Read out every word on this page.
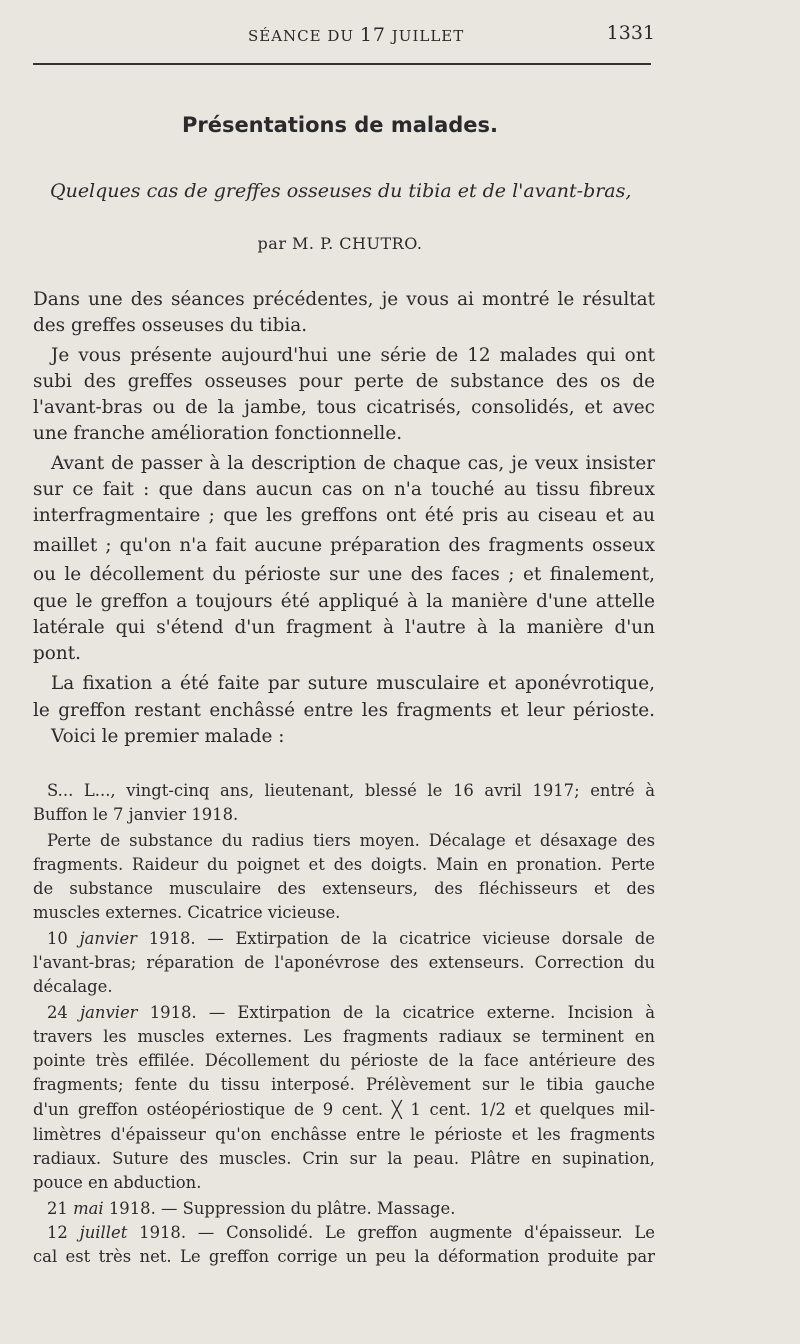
SÉANCE DU 17 JUILLET	1331
Présentations de malades.
Quelques cas de greffes osseuses du tibia et de l'avant-bras,
par M. P. CHUTRO.
Dans une des séances précédentes, je vous ai montré le résultat
des greffes osseuses du tibia.
Je vous présente aujourd'hui une série de 12 malades qui ont
subi des greffes osseuses pour perte de substance des os de
l'avant-bras ou de la jambe, tous cicatrisés, consolidés, et avec
une franche amélioration fonctionnelle.
Avant de passer à la description de chaque cas, je veux insister
sur ce fait : que dans aucun cas on n'a touché au tissu fibreux
interfragmentaire ; que les greffons ont été pris au ciseau et au
maillet ; qu'on n'a fait aucune préparation des fragments osseux
ou le décollement du périoste sur une des faces ; et finalement,
que le greffon a toujours été appliqué à la manière d'une attelle
latérale qui s'étend d'un fragment à l'autre à la manière d'un
pont.
La fixation a été faite par suture musculaire et aponévrotique,
le greffon restant enchâssé entre les fragments et leur périoste.
Voici le premier malade :
S... L..., vingt-cinq ans, lieutenant, blessé le 16 avril 1917; entré à
Buffon le 7 janvier 1918.
Perte de substance du radius tiers moyen. Décalage et désaxage des
fragments. Raideur du poignet et des doigts. Main en pronation. Perte
de substance musculaire des extenseurs, des fléchisseurs et des
muscles externes. Cicatrice vicieuse.
10 janvier 1918. — Extirpation de la cicatrice vicieuse dorsale de
l'avant-bras; réparation de l'aponévrose des extenseurs. Correction du
décalage.
24 janvier 1918. — Extirpation de la cicatrice externe. Incision à
travers les muscles externes. Les fragments radiaux se terminent en
pointe très effilée. Décollement du périoste de la face antérieure des
fragments; fente du tissu interposé. Prélèvement sur le tibia gauche
d'un greffon ostéopériostique de 9 cent. ╳ 1 cent. 1/2 et quelques mil-
limètres d'épaisseur qu'on enchâsse entre le périoste et les fragments
radiaux. Suture des muscles. Crin sur la peau. Plâtre en supination,
pouce en abduction.
21 mai 1918. — Suppression du plâtre. Massage.
12 juillet 1918. — Consolidé. Le greffon augmente d'épaisseur. Le
cal est très net. Le greffon corrige un peu la déformation produite par
